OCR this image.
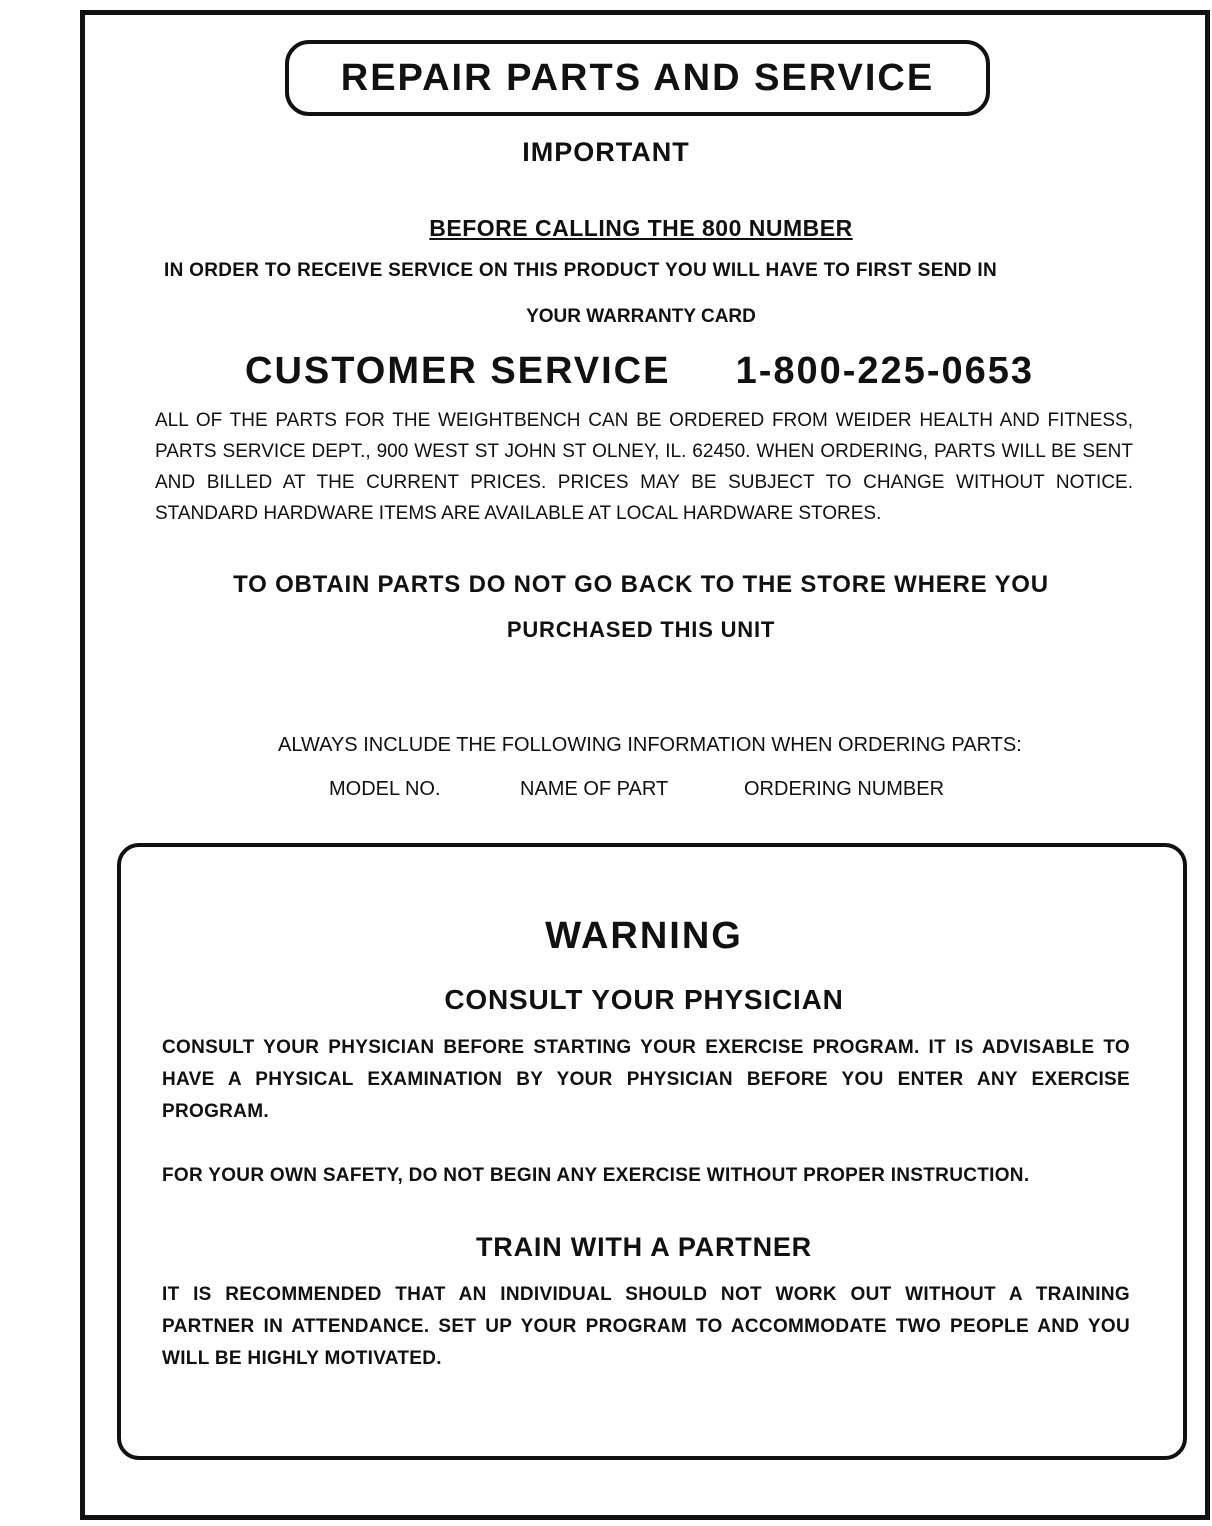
REPAIR PARTS AND SERVICE

IMPORTANT

BEFORE CALLING THE 800 NUMBER

IN ORDER TO RECEIVE SERVICE ON THIS PRODUCT YOU WILL HAVE TO FIRST SEND IN

YOUR WARRANTY CARD

CUSTOMER SERVICE 1-800-225-0653

ALL OF THE PARTS FOR THE WEIGHTBENCH CAN BE ORDERED FROM WEIDER HEALTH AND FITNESS, PARTS SERVICE DEPT., 900 WEST ST JOHN ST OLNEY, IL. 62450. WHEN ORDERING, PARTS WILL BE SENT AND BILLED AT THE CURRENT PRICES. PRICES MAY BE SUBJECT TO CHANGE WITHOUT NOTICE. STANDARD HARDWARE ITEMS ARE AVAILABLE AT LOCAL HARDWARE STORES.

TO OBTAIN PARTS DO NOT GO BACK TO THE STORE WHERE YOU

PURCHASED THIS UNIT

ALWAYS INCLUDE THE FOLLOWING INFORMATION WHEN ORDERING PARTS:

MODEL NO.	NAME OF PART	ORDERING NUMBER

WARNING

CONSULT YOUR PHYSICIAN

CONSULT YOUR PHYSICIAN BEFORE STARTING YOUR EXERCISE PROGRAM. IT IS ADVISABLE TO HAVE A PHYSICAL EXAMINATION BY YOUR PHYSICIAN BEFORE YOU ENTER ANY EXERCISE PROGRAM.

FOR YOUR OWN SAFETY, DO NOT BEGIN ANY EXERCISE WITHOUT PROPER INSTRUCTION.

TRAIN WITH A PARTNER

IT IS RECOMMENDED THAT AN INDIVIDUAL SHOULD NOT WORK OUT WITHOUT A TRAINING PARTNER IN ATTENDANCE. SET UP YOUR PROGRAM TO ACCOMMODATE TWO PEOPLE AND YOU WILL BE HIGHLY MOTIVATED.
